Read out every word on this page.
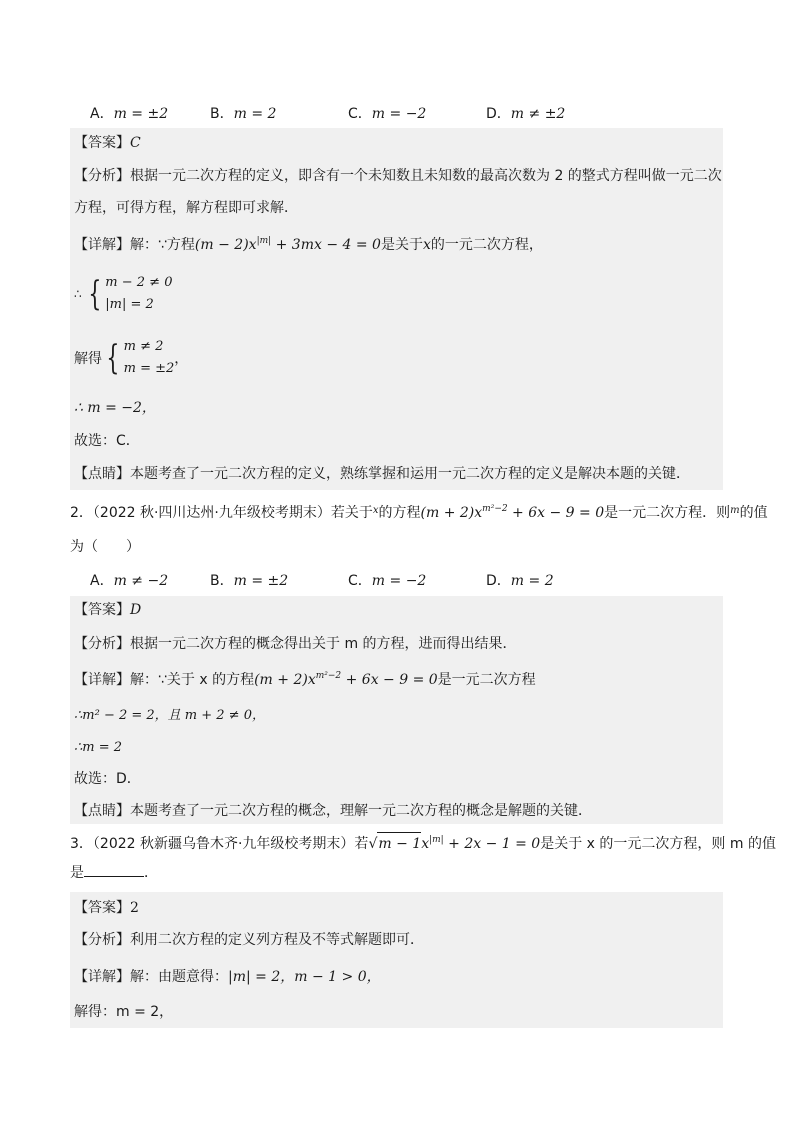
A．m = ±2	B．m = 2	C．m = −2	D．m ≠ ±2
【答案】C
【分析】根据一元二次方程的定义，即含有一个未知数且未知数的最高次数为 2 的整式方程叫做一元二次
方程，可得方程，解方程即可求解．
【详解】解：∵方程$(m - 2)x^{|m|} + 3mx - 4 = 0$是关于x的一元二次方程，
∴ { m − 2 ≠ 0
|m| = 2
解得 { m ≠ 2
m = ±2
，
∴ m = −2，
故选：C．
【点睛】本题考查了一元二次方程的定义，熟练掌握和运用一元二次方程的定义是解决本题的关键．
2．（2022 秋·四川达州·九年级校考期末）若关于$^x$的方程$(m + 2)x^{m^2-2} + 6x - 9 = 0$是一元二次方程．则$^m$的值
为（　　）
A．m ≠ −2	B．m = ±2	C．m = −2	D．m = 2
【答案】D
【分析】根据一元二次方程的概念得出关于 m 的方程，进而得出结果．
【详解】解：∵关于 x 的方程$(m + 2)x^{m^2-2} + 6x - 9 = 0$是一元二次方程
∴m² − 2 = 2，且 m + 2 ≠ 0，
∴m = 2
故选：D．
【点睛】本题考查了一元二次方程的概念，理解一元二次方程的概念是解题的关键．
3．（2022 秋新疆乌鲁木齐·九年级校考期末）若$√m - 1x^{|m|} + 2x - 1 = 0$是关于 x 的一元二次方程，则 m 的值
是	．
【答案】2
【分析】利用二次方程的定义列方程及不等式解题即可．
【详解】解：由题意得：|m| = 2，m − 1 > 0，
解得：m = 2，
